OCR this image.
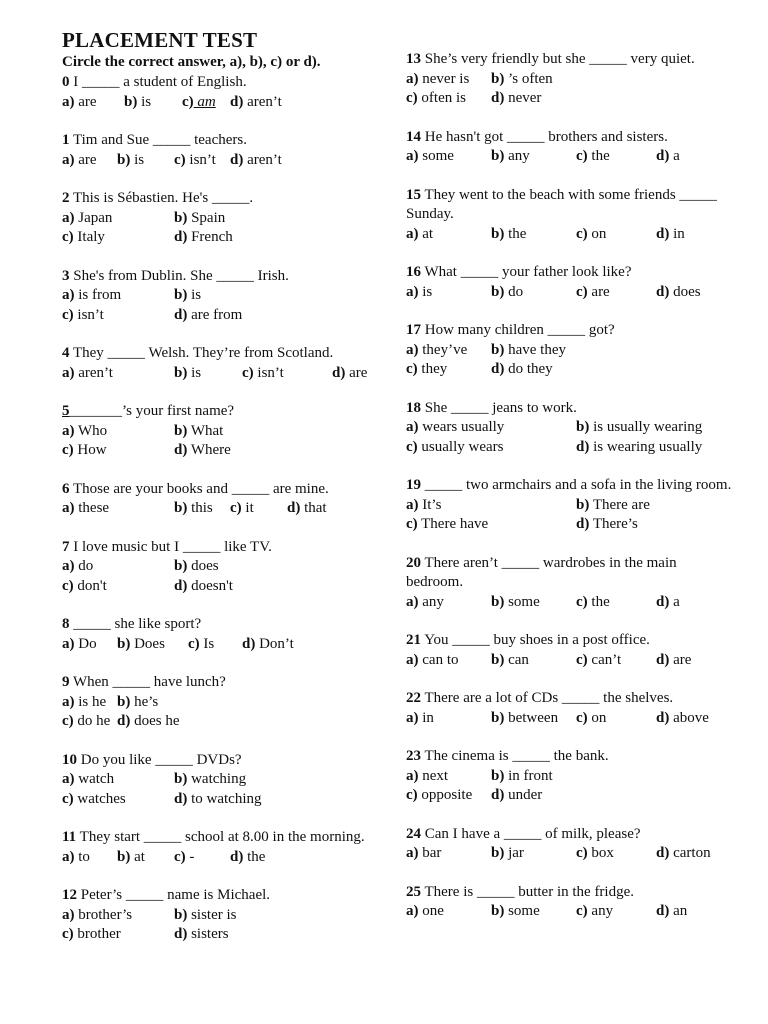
PLACEMENT TEST

Circle the correct answer, a), b), c) or d).

0 I _____ a student of English.
a) are b) is c) am d) aren’t
1 Tim and Sue _____ teachers.
a) are b) is c) isn’t d) aren’t
2 This is Sébastien. He's _____.
a) Japan	b) Spain
c) Italy	d) French
3 She's from Dublin. She _____ Irish.
a) is from	b) is
c) isn’t	d) are from
4 They _____ Welsh. They’re from Scotland.
a) aren’t	b) is	c) isn’t	d) are
5_______’s your first name?
a) Who	b) What
c) How	d) Where
6 Those are your books and _____ are mine.
a) these	b) this c) it d) that
7 I love music but I _____ like TV.
a) do	b) does
c) don't	d) doesn't
8 _____ she like sport?
a) Do b) Does c) Is d) Don’t
9 When _____ have lunch?
a) is he b) he’s
c) do he d) does he
10 Do you like _____ DVDs?
a) watch	b) watching
c) watches	d) to watching
11 They start _____ school at 8.00 in the morning.
a) to b) at c) - d) the
12 Peter’s _____ name is Michael.
a) brother’s	b) sister is
c) brother	d) sisters
13 She’s very friendly but she _____ very quiet.
a) never is b) ’s often
c) often is d) never
14 He hasn't got _____ brothers and sisters.
a) some b) any	c) the	d) a
15 They went to the beach with some friends _____ Sunday.
a) at	b) the	c) on	d) in
16 What _____ your father look like?
a) is	b) do	c) are	d) does
17 How many children _____ got?
a) they’ve b) have they
c) they	d) do they
18 She _____ jeans to work.
a) wears usually	b) is usually wearing
c) usually wears	d) is wearing usually
19 _____ two armchairs and a sofa in the living room.
a) It’s	b) There are
c) There have	d) There’s
20 There aren’t _____ wardrobes in the main bedroom.
a) any	b) some c) the	d) a
21 You _____ buy shoes in a post office.
a) can to b) can	c) can’t d) are
22 There are a lot of CDs _____ the shelves.
a) in	b) between c) on	d) above
23 The cinema is _____ the bank.
a) next	b) in front
c) opposite d) under
24 Can I have a _____ of milk, please?
a) bar	b) jar	c) box	d) carton
25 There is _____ butter in the fridge.
a) one	b) some c) any	d) an
